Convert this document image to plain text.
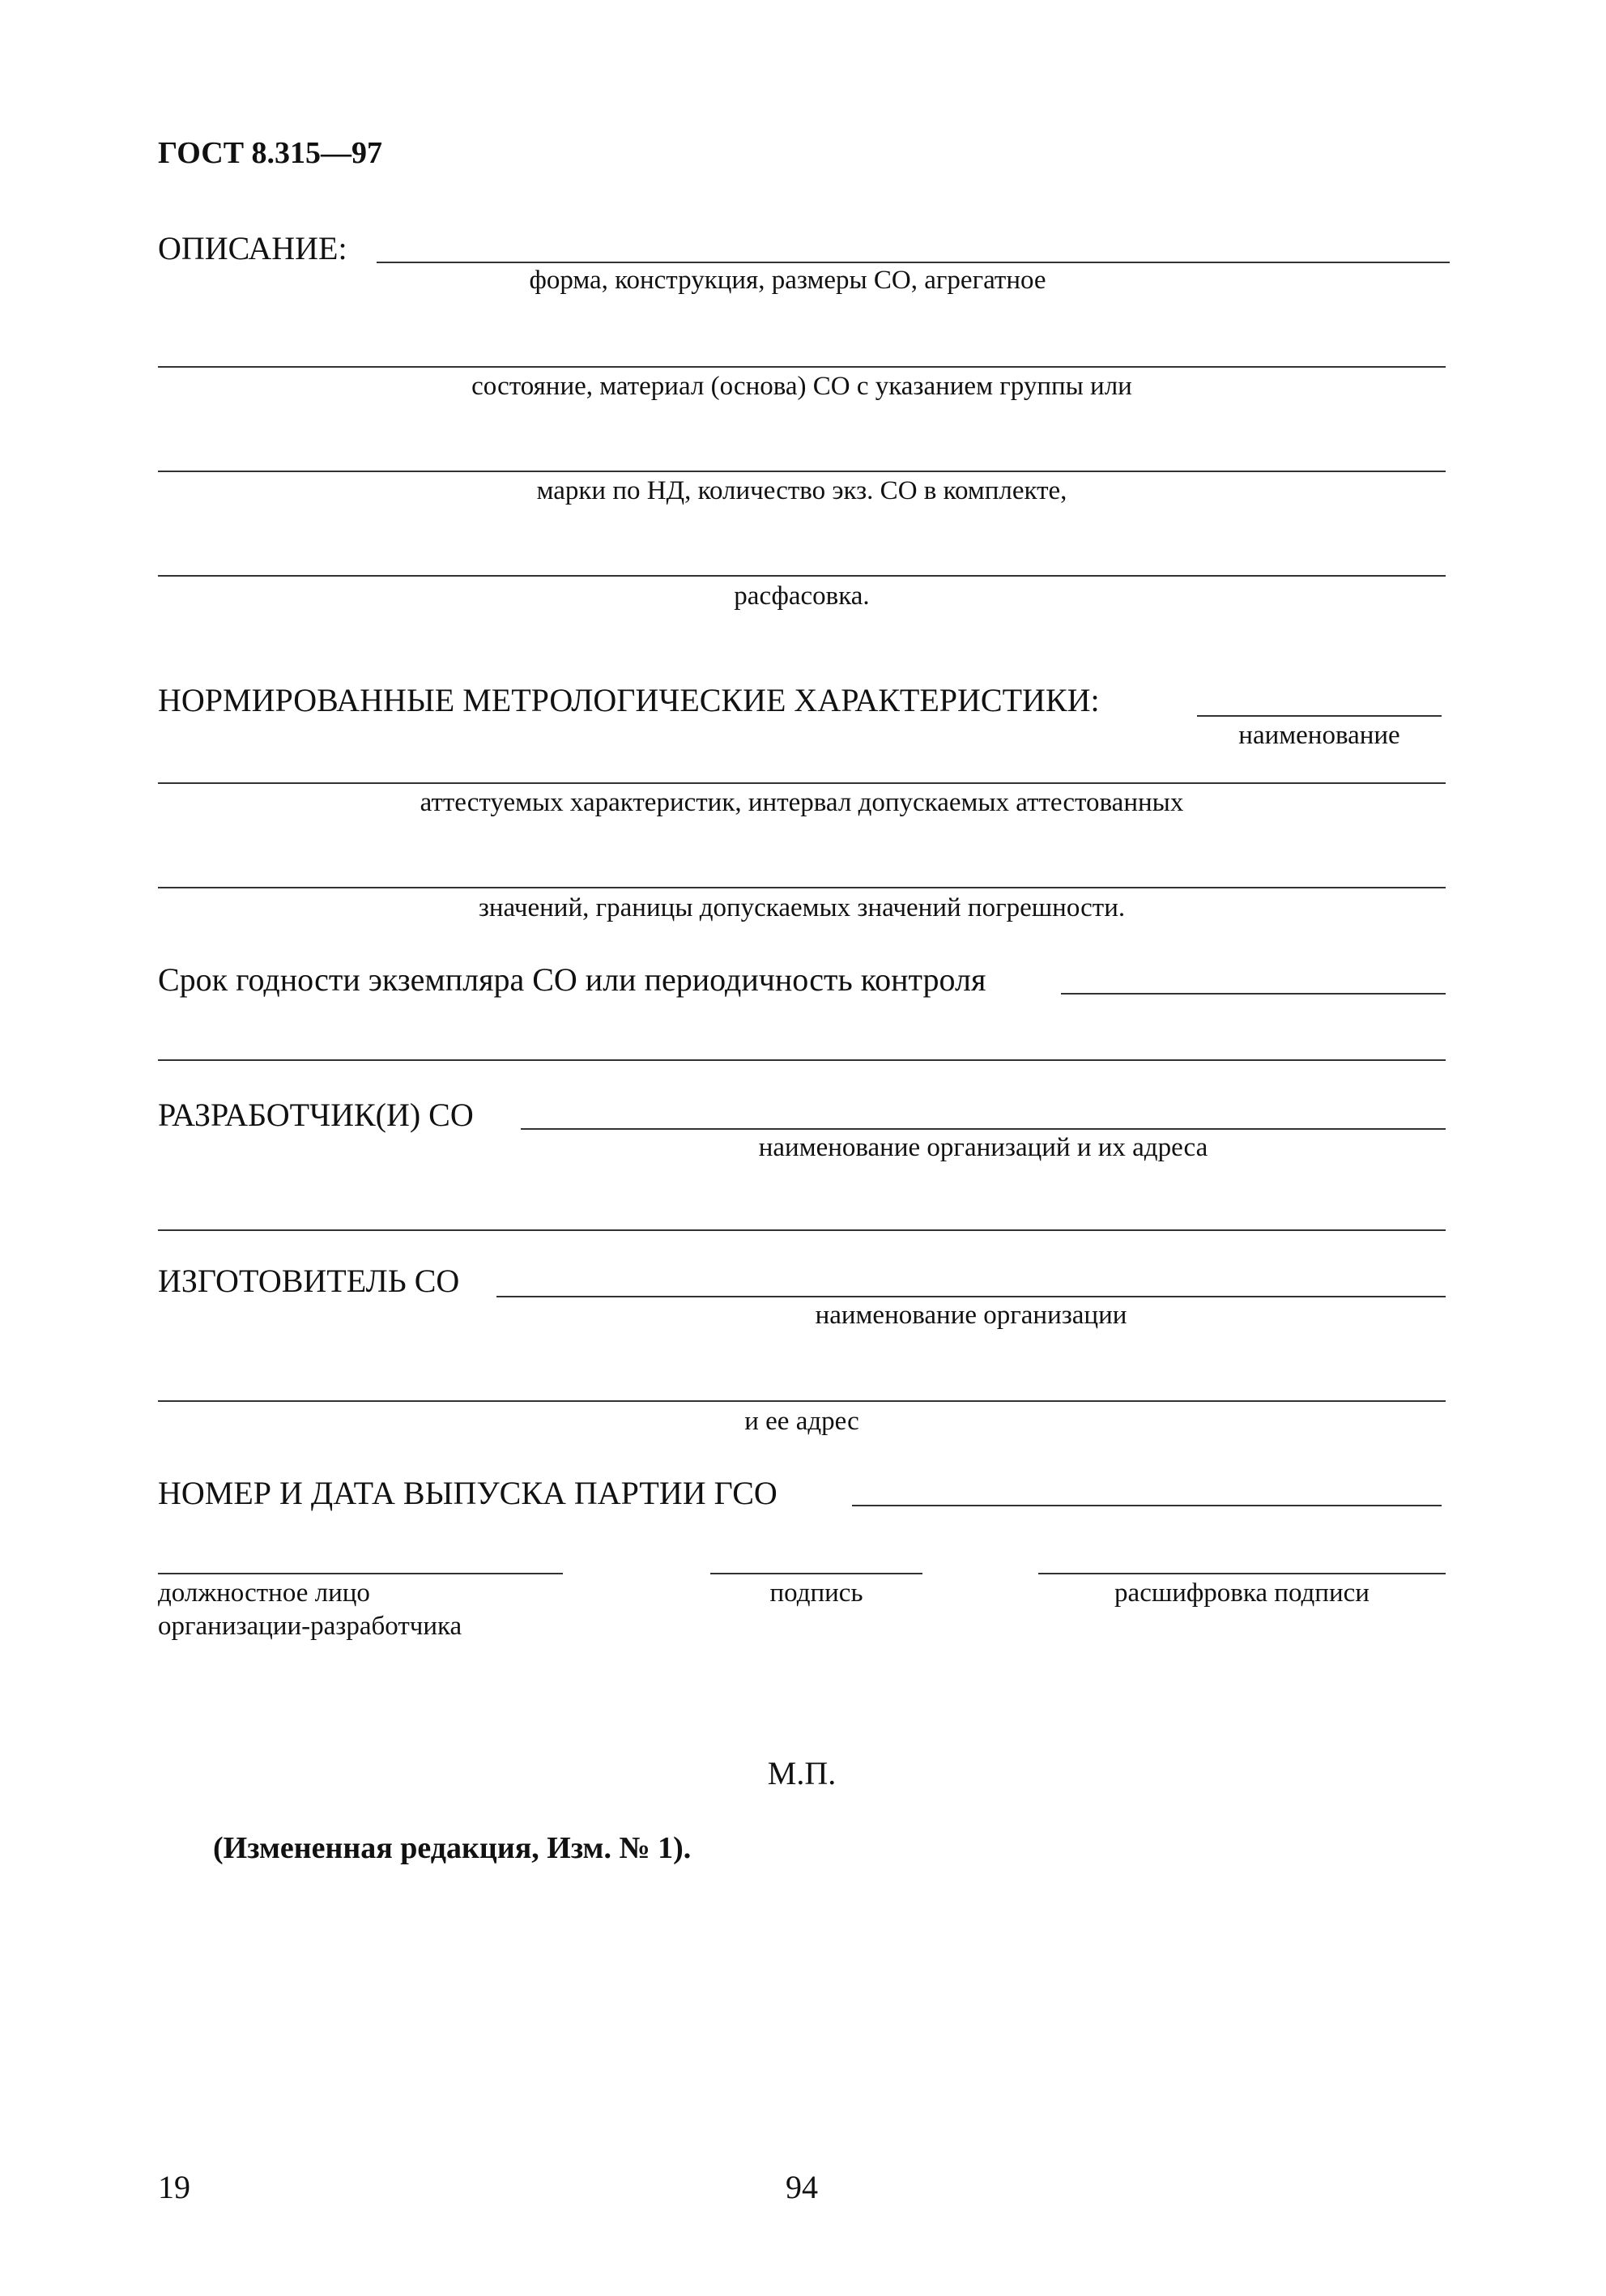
ГОСТ 8.315—97
ОПИСАНИЕ:
форма, конструкция, размеры СО, агрегатное
состояние, материал (основа) СО с указанием группы или
марки по НД, количество экз. СО в комплекте,
расфасовка.
НОРМИРОВАННЫЕ МЕТРОЛОГИЧЕСКИЕ ХАРАКТЕРИСТИКИ:
наименование
аттестуемых характеристик, интервал допускаемых аттестованных
значений, границы допускаемых значений погрешности.
Срок годности экземпляра СО или периодичность контроля
РАЗРАБОТЧИК(И) СО
наименование организаций и их адреса
ИЗГОТОВИТЕЛЬ СО
наименование организации
и ее адрес
НОМЕР И ДАТА ВЫПУСКА ПАРТИИ ГСО
должностное лицо
организации-разработчика
подпись	расшифровка подписи
М.П.
(Измененная редакция, Изм. № 1).
19	94
